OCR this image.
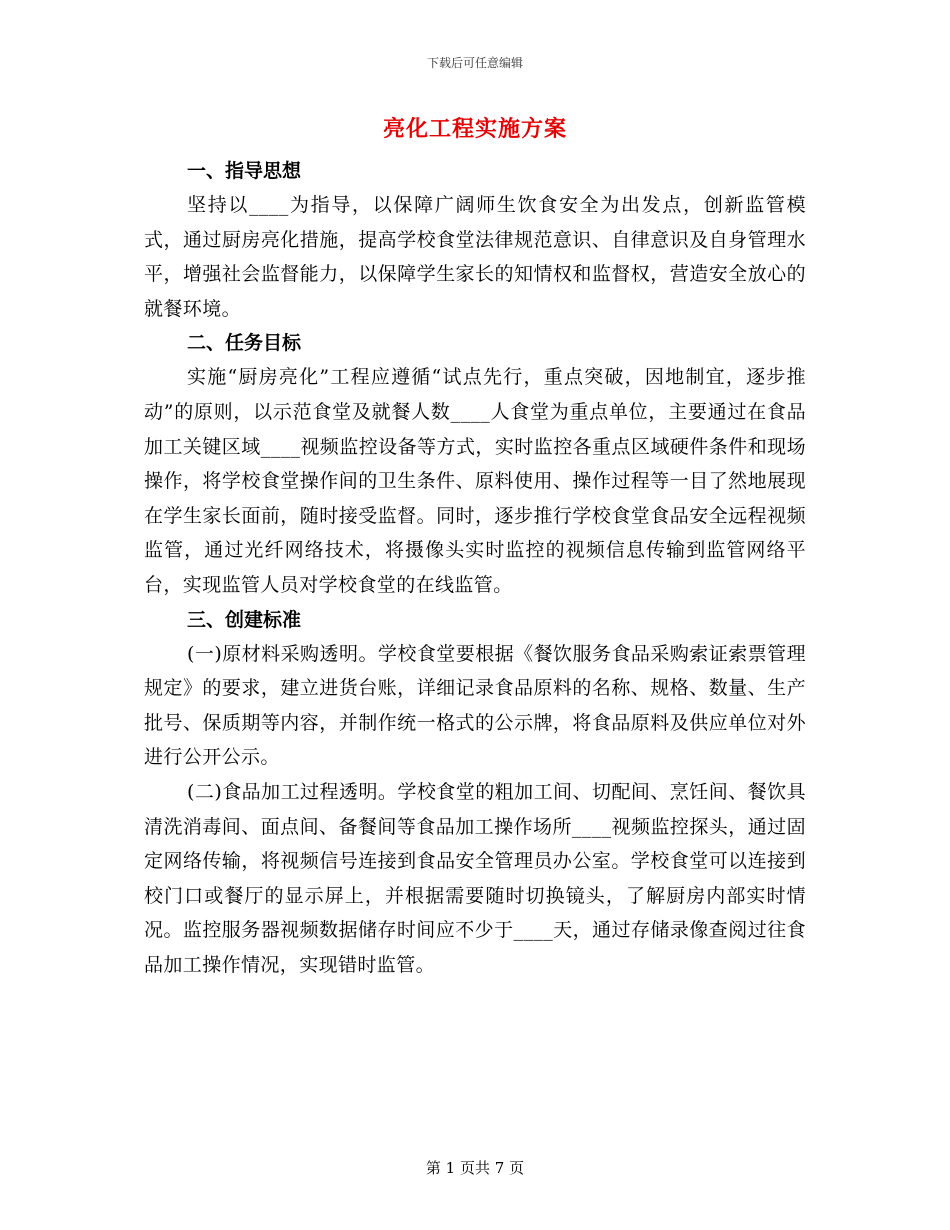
下载后可任意编辑
亮化工程实施方案

一、指导思想

坚持以____为指导，以保障广阔师生饮食安全为出发点，创新监管模式，通过厨房亮化措施，提高学校食堂法律规范意识、自律意识及自身管理水平，增强社会监督能力，以保障学生家长的知情权和监督权，营造安全放心的就餐环境。

二、任务目标

实施“厨房亮化”工程应遵循“试点先行，重点突破，因地制宜，逐步推动”的原则，以示范食堂及就餐人数____人食堂为重点单位，主要通过在食品加工关键区域____视频监控设备等方式，实时监控各重点区域硬件条件和现场操作，将学校食堂操作间的卫生条件、原料使用、操作过程等一目了然地展现在学生家长面前，随时接受监督。同时，逐步推行学校食堂食品安全远程视频监管，通过光纤网络技术，将摄像头实时监控的视频信息传输到监管网络平台，实现监管人员对学校食堂的在线监管。

三、创建标准

(一)原材料采购透明。学校食堂要根据《餐饮服务食品采购索证索票管理规定》的要求，建立进货台账，详细记录食品原料的名称、规格、数量、生产批号、保质期等内容，并制作统一格式的公示牌，将食品原料及供应单位对外进行公开公示。

(二)食品加工过程透明。学校食堂的粗加工间、切配间、烹饪间、餐饮具清洗消毒间、面点间、备餐间等食品加工操作场所____视频监控探头，通过固定网络传输，将视频信号连接到食品安全管理员办公室。学校食堂可以连接到校门口或餐厅的显示屏上，并根据需要随时切换镜头，了解厨房内部实时情况。监控服务器视频数据储存时间应不少于____天，通过存储录像查阅过往食品加工操作情况，实现错时监管。

第 1 页共 7 页
